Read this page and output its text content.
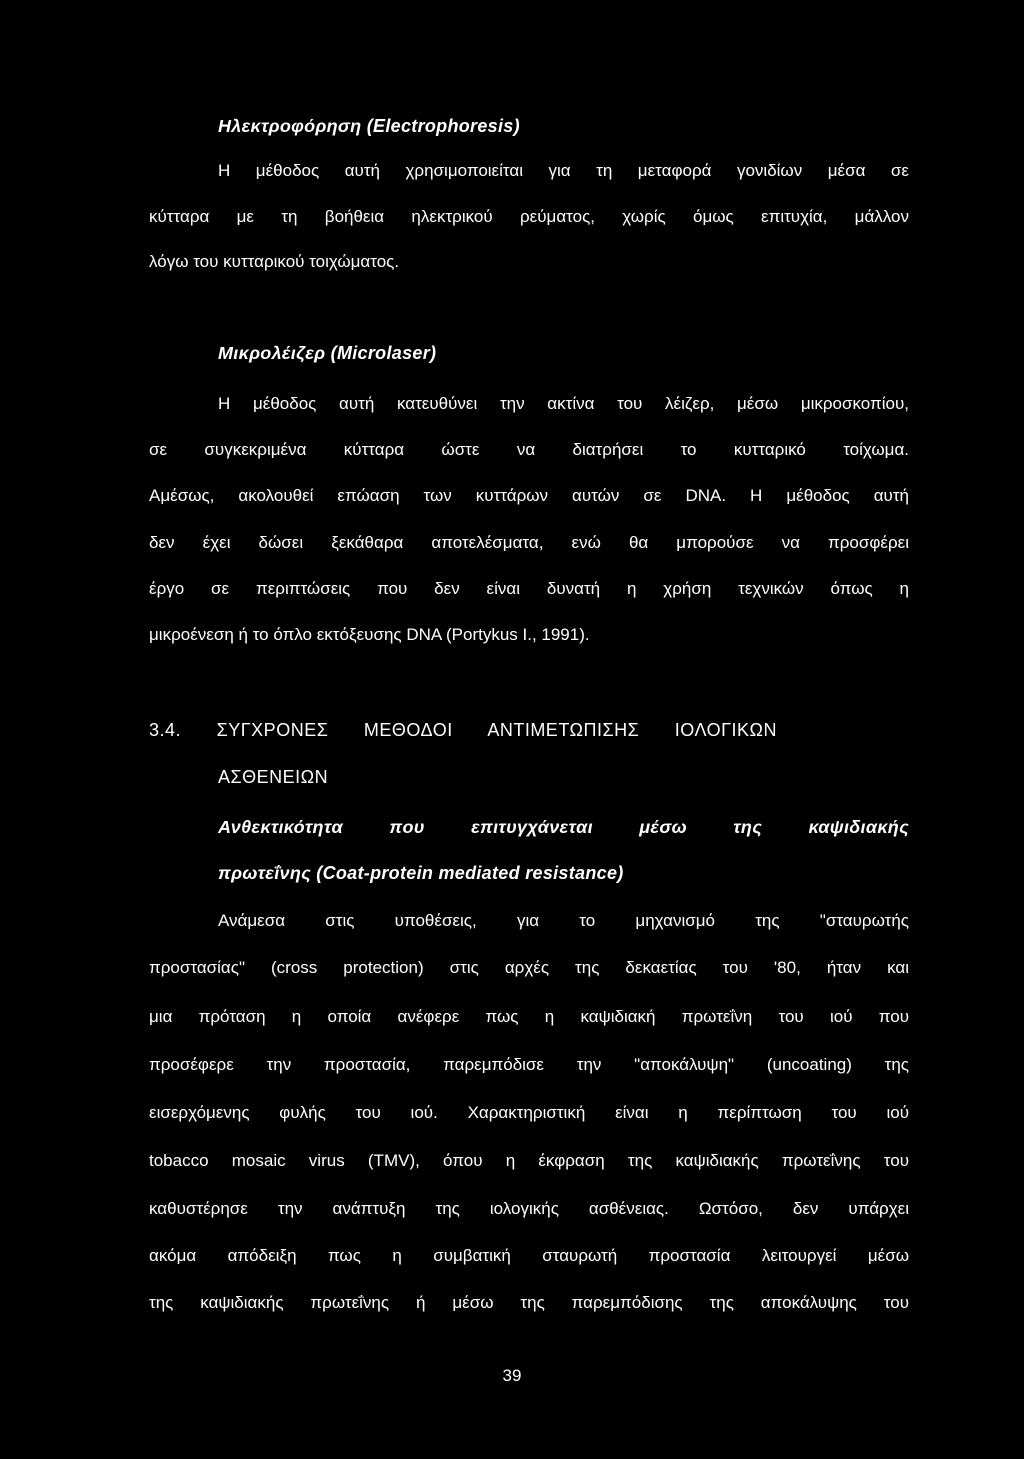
Ηλεκτροφόρηση (Electrophoresis)
Η μέθοδος αυτή χρησιμοποιείται για τη μεταφορά γονιδίων μέσα σε
κύτταρα με τη βοήθεια ηλεκτρικού ρεύματος, χωρίς όμως επιτυχία, μάλλον
λόγω του κυτταρικού τοιχώματος.
Μικρολέιζερ (Microlaser)
Η μέθοδος αυτή κατευθύνει την ακτίνα του λέιζερ, μέσω μικροσκοπίου,
σε συγκεκριμένα κύτταρα ώστε να διατρήσει το κυτταρικό τοίχωμα.
Αμέσως, ακολουθεί επώαση των κυττάρων αυτών σε DNA. Η μέθοδος αυτή
δεν έχει δώσει ξεκάθαρα αποτελέσματα, ενώ θα μπορούσε να προσφέρει
έργο σε περιπτώσεις που δεν είναι δυνατή η χρήση τεχνικών όπως η
μικροένεση ή το όπλο εκτόξευσης DNA (Portykus I., 1991).
3.4. ΣΥΓΧΡΟΝΕΣ ΜΕΘΟΔΟΙ ΑΝΤΙΜΕΤΩΠΙΣΗΣ ΙΟΛΟΓΙΚΩΝ
ΑΣΘΕΝΕΙΩΝ
Ανθεκτικότητα που επιτυγχάνεται μέσω της καψιδιακής
πρωτεΐνης (Coat-protein mediated resistance)
Ανάμεσα στις υποθέσεις, για το μηχανισμό της "σταυρωτής
προστασίας" (cross protection) στις αρχές της δεκαετίας του '80, ήταν και
μια πρόταση η οποία ανέφερε πως η καψιδιακή πρωτεΐνη του ιού που
προσέφερε την προστασία, παρεμπόδισε την "αποκάλυψη" (uncoating) της
εισερχόμενης φυλής του ιού. Χαρακτηριστική είναι η περίπτωση του ιού
tobacco mosaic virus (TMV), όπου η έκφραση της καψιδιακής πρωτεΐνης του
καθυστέρησε την ανάπτυξη της ιολογικής ασθένειας. Ωστόσο, δεν υπάρχει
ακόμα απόδειξη πως η συμβατική σταυρωτή προστασία λειτουργεί μέσω
της καψιδιακής πρωτεΐνης ή μέσω της παρεμπόδισης της αποκάλυψης του
39
